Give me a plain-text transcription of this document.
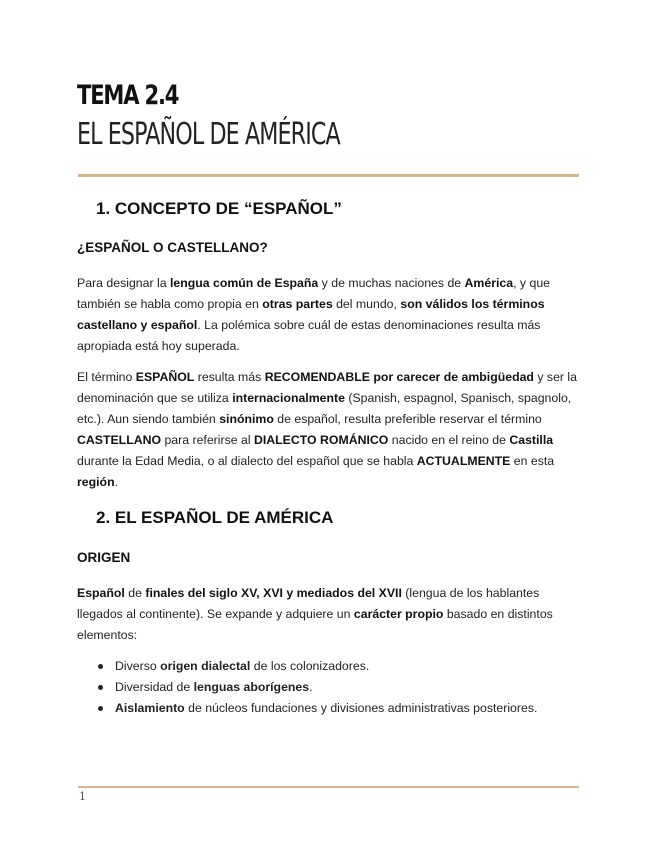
TEMA 2.4
EL ESPAÑOL DE AMÉRICA
1. CONCEPTO DE “ESPAÑOL”
¿ESPAÑOL O CASTELLANO?

Para designar la lengua común de España y de muchas naciones de América, y que también se habla como propia en otras partes del mundo, son válidos los términos castellano y español. La polémica sobre cuál de estas denominaciones resulta más apropiada está hoy superada.

El término ESPAÑOL resulta más RECOMENDABLE por carecer de ambigüedad y ser la denominación que se utiliza internacionalmente (Spanish, espagnol, Spanisch, spagnolo, etc.). Aun siendo también sinónimo de español, resulta preferible reservar el término CASTELLANO para referirse al DIALECTO ROMÁNICO nacido en el reino de Castilla durante la Edad Media, o al dialecto del español que se habla ACTUALMENTE en esta región.

2. EL ESPAÑOL DE AMÉRICA
ORIGEN

Español de finales del siglo XV, XVI y mediados del XVII (lengua de los hablantes llegados al continente). Se expande y adquiere un carácter propio basado en distintos elementos:

Diverso origen dialectal de los colonizadores.
Diversidad de lenguas aborígenes.
Aislamiento de núcleos fundaciones y divisiones administrativas posteriores.
1
